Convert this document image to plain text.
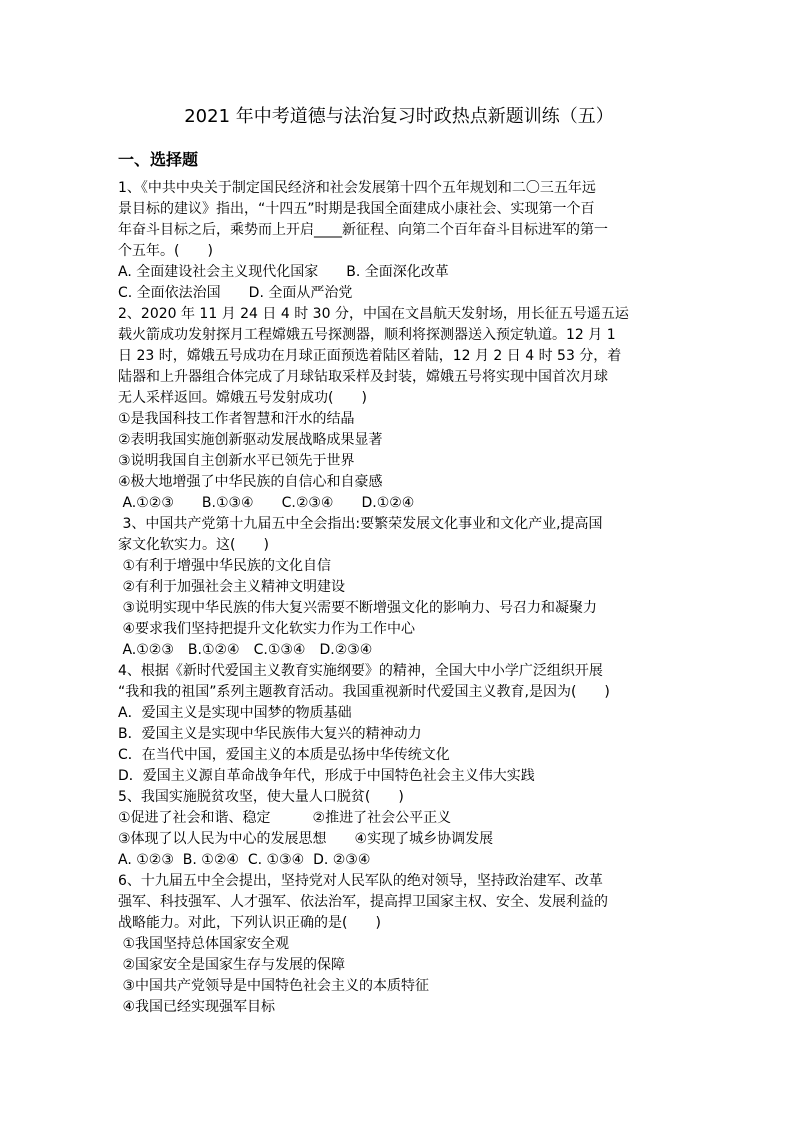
2021 年中考道德与法治复习时政热点新题训练（五）
一、选择题
1、《中共中央关于制定国民经济和社会发展第十四个五年规划和二〇三五年远
景目标的建议》指出，“十四五”时期是我国全面建成小康社会、实现第一个百
年奋斗目标之后，乘势而上开启____新征程、向第二个百年奋斗目标进军的第一
个五年。(　　)
A. 全面建设社会主义现代化国家　　B. 全面深化改革
C. 全面依法治国　　D. 全面从严治党
2、2020 年 11 月 24 日 4 时 30 分，中国在文昌航天发射场，用长征五号遥五运
载火箭成功发射探月工程嫦娥五号探测器，顺利将探测器送入预定轨道。12 月 1
日 23 时，嫦娥五号成功在月球正面预选着陆区着陆，12 月 2 日 4 时 53 分，着
陆器和上升器组合体完成了月球钻取采样及封装，嫦娥五号将实现中国首次月球
无人采样返回。嫦娥五号发射成功(　　)
①是我国科技工作者智慧和汗水的结晶
②表明我国实施创新驱动发展战略成果显著
③说明我国自主创新水平已领先于世界
④极大地增强了中华民族的自信心和自豪感
A.①②③　　B.①③④　　C.②③④　　D.①②④
3、中国共产党第十九届五中全会指出:要繁荣发展文化事业和文化产业,提高国
家文化软实力。这(　　)
①有利于增强中华民族的文化自信
②有利于加强社会主义精神文明建设
③说明实现中华民族的伟大复兴需要不断增强文化的影响力、号召力和凝聚力
④要求我们坚持把提升文化软实力作为工作中心
A.①②③　B.①②④　C.①③④　D.②③④
4、根据《新时代爱国主义教育实施纲要》的精神，全国大中小学广泛组织开展
“我和我的祖国”系列主题教育活动。我国重视新时代爱国主义教育,是因为(　　)
A．爱国主义是实现中国梦的物质基础
B．爱国主义是实现中华民族伟大复兴的精神动力
C．在当代中国，爱国主义的本质是弘扬中华传统文化
D．爱国主义源自革命战争年代，形成于中国特色社会主义伟大实践
5、我国实施脱贫攻坚，使大量人口脱贫(　　)
①促进了社会和谐、稳定　　　②推进了社会公平正义
③体现了以人民为中心的发展思想　　④实现了城乡协调发展
A. ①②③  B. ①②④  C. ①③④  D. ②③④
6、十九届五中全会提出，坚持党对人民军队的绝对领导，坚持政治建军、改革
强军、科技强军、人才强军、依法治军，提高捍卫国家主权、安全、发展利益的
战略能力。对此，下列认识正确的是(　　)
①我国坚持总体国家安全观
②国家安全是国家生存与发展的保障
③中国共产党领导是中国特色社会主义的本质特征
④我国已经实现强军目标
